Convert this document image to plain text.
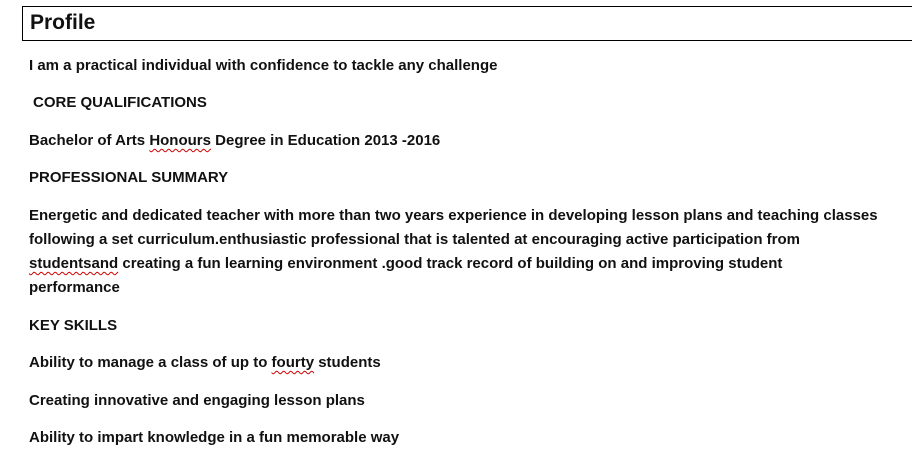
Profile
I am a practical individual with confidence to tackle any challenge
CORE QUALIFICATIONS
Bachelor of Arts Honours Degree in Education 2013 -2016
PROFESSIONAL SUMMARY
Energetic and dedicated teacher with more than two years experience in developing lesson plans and teaching classes
following a set curriculum.enthusiastic professional that is talented at encouraging active participation from
studentsand creating a fun learning environment .good track record of building on and improving student
performance
KEY SKILLS
Ability to manage a class of up to fourty students
Creating innovative and engaging lesson plans
Ability to impart knowledge in a fun memorable way
